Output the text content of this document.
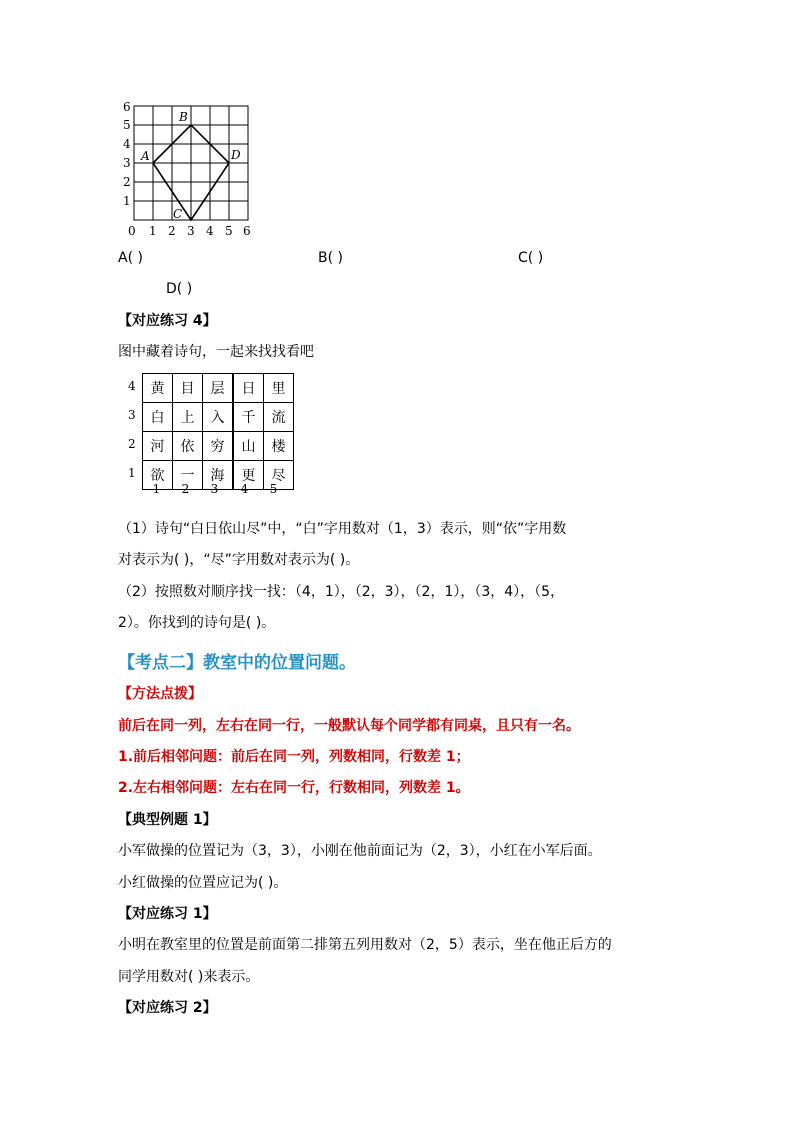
6
5
4
3
2
1
0 1 2 3 4 5 6
A
B
C
D
A( )	B( )	C( )
D( )
【对应练习 4】
图中藏着诗句，一起来找找看吧
4
3
2
1
黄	目	层	日	里
白	上	入	千	流
河	依	穷	山	楼
欲	一	海	更	尽
1	2	3	4	5
（1）诗句“白日依山尽”中，“白”字用数对（1，3）表示，则“依”字用数
对表示为( )，“尽”字用数对表示为( )。
（2）按照数对顺序找一找：（4，1），（2，3），（2，1），（3，4），（5，
2）。你找到的诗句是( )。
【考点二】教室中的位置问题。
【方法点拨】
前后在同一列，左右在同一行，一般默认每个同学都有同桌，且只有一名。
1.前后相邻问题：前后在同一列，列数相同，行数差 1；
2.左右相邻问题：左右在同一行，行数相同，列数差 1。
【典型例题 1】
小军做操的位置记为（3，3），小刚在他前面记为（2，3），小红在小军后面。
小红做操的位置应记为( )。
【对应练习 1】
小明在教室里的位置是前面第二排第五列用数对（2，5）表示，坐在他正后方的
同学用数对( )来表示。
【对应练习 2】
